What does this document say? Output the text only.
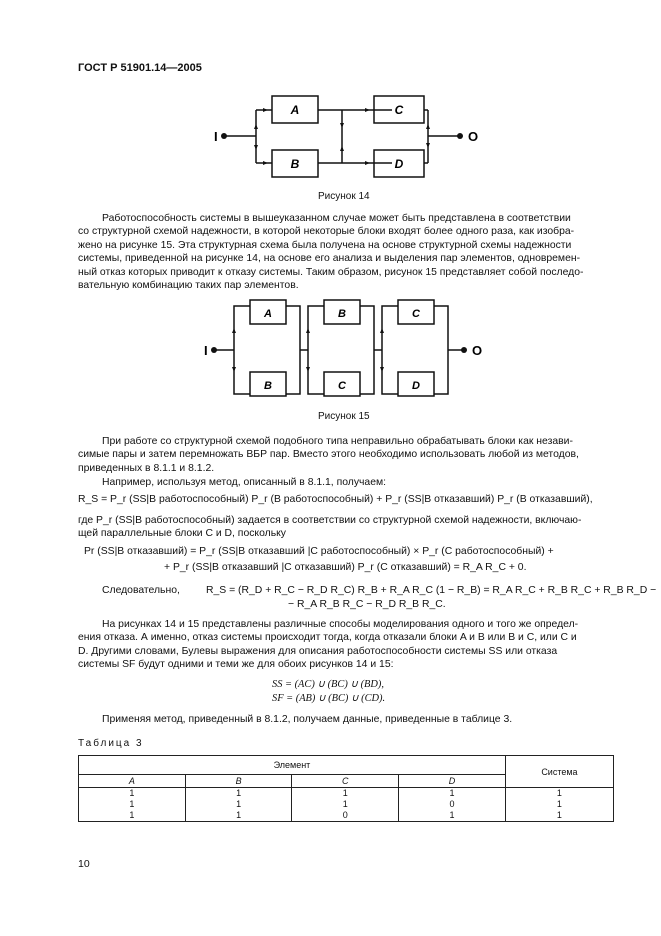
ГОСТ Р 51901.14—2005
A
B
C
D
I	O
Рисунок 14
Работоспособность системы в вышеуказанном случае может быть представлена в соответствии
со структурной схемой надежности, в которой некоторые блоки входят более одного раза, как изобра-
жено на рисунке 15. Эта структурная схема была получена на основе структурной схемы надежности
системы, приведенной на рисунке 14, на основе его анализа и выделения пар элементов, одновремен-
ный отказ которых приводит к отказу системы. Таким образом, рисунок 15 представляет собой последо-
вательную комбинацию таких пар элементов.
A
B
B
C
C
D
I	O
Рисунок 15
При работе со структурной схемой подобного типа неправильно обрабатывать блоки как незави-
симые пары и затем перемножать ВБР пар. Вместо этого необходимо использовать любой из методов,
приведенных в 8.1.1 и 8.1.2.
Например, используя метод, описанный в 8.1.1, получаем:
R_S = P_r (SS|B работоспособный) P_r (B работоспособный) + P_r (SS|B отказавший) P_r (B отказавший),
где P_r (SS|B работоспособный) задается в соответствии со структурной схемой надежности, включаю-
щей параллельные блоки C и D, поскольку
Pr (SS|B отказавший) = P_r (SS|B отказавший |C работоспособный) × P_r (C работоспособный) +
+ P_r (SS|B отказавший |C отказавший) P_r (C отказавший) = R_A R_C + 0.
Следовательно,	R_S = (R_D + R_C − R_D R_C) R_B + R_A R_C (1 − R_B) = R_A R_C + R_B R_C + R_B R_D −
− R_A R_B R_C − R_D R_B R_C.
На рисунках 14 и 15 представлены различные способы моделирования одного и того же определ-
ения отказа. А именно, отказ системы происходит тогда, когда отказали блоки A и B или B и C, или C и
D. Другими словами, Булевы выражения для описания работоспособности системы SS или отказа
системы SF будут одними и теми же для обоих рисунков 14 и 15:
SS = (AC) ∪ (BC) ∪ (BD),
SF = (AB) ∪ (BC) ∪ (CD).
Применяя метод, приведенный в 8.1.2, получаем данные, приведенные в таблице 3.
Таблица 3
Элемент				Система
A	B	C	D	
1	1	1	1	1
1	1	1	0	1
1	1	0	1	1
10
